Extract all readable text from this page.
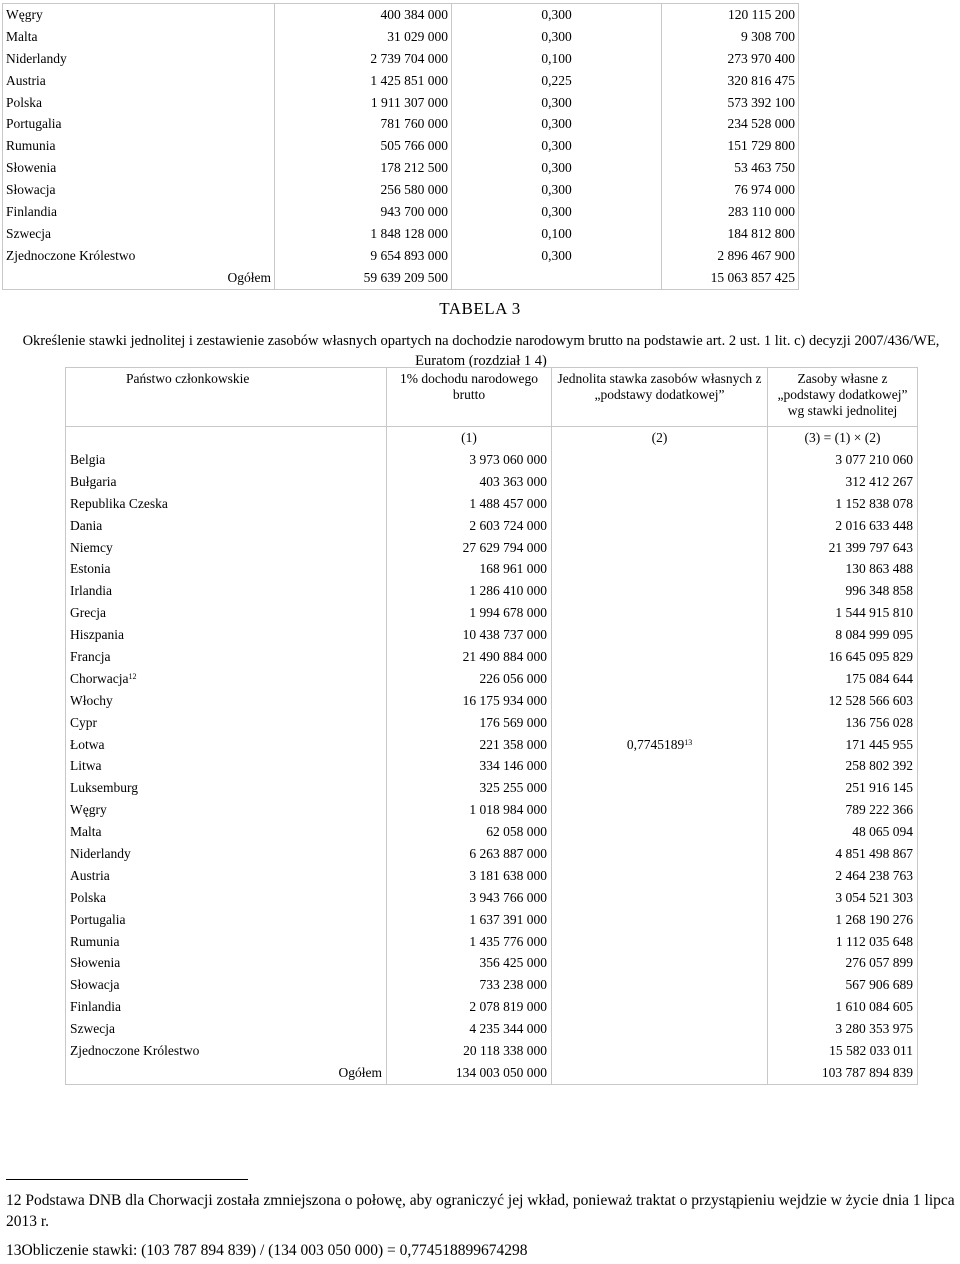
Węgry	400 384 000	0,300	120 115 200
Malta	31 029 000	0,300	9 308 700
Niderlandy	2 739 704 000	0,100	273 970 400
Austria	1 425 851 000	0,225	320 816 475
Polska	1 911 307 000	0,300	573 392 100
Portugalia	781 760 000	0,300	234 528 000
Rumunia	505 766 000	0,300	151 729 800
Słowenia	178 212 500	0,300	53 463 750
Słowacja	256 580 000	0,300	76 974 000
Finlandia	943 700 000	0,300	283 110 000
Szwecja	1 848 128 000	0,100	184 812 800
Zjednoczone Królestwo	9 654 893 000	0,300	2 896 467 900
Ogółem	59 639 209 500		15 063 857 425
TABELA 3
Określenie stawki jednolitej i zestawienie zasobów własnych opartych na dochodzie narodowym brutto na podstawie art. 2 ust. 1 lit. c) decyzji 2007/436/WE, Euratom (rozdział 1 4)
Państwo członkowskie	1% dochodu narodowego brutto	Jednolita stawka zasobów własnych z „podstawy dodatkowej”	Zasoby własne z „podstawy dodatkowej” wg stawki jednolitej
	(1)	(2)	(3) = (1) × (2)
Belgia	3 973 060 000		3 077 210 060
Bułgaria	403 363 000		312 412 267
Republika Czeska	1 488 457 000		1 152 838 078
Dania	2 603 724 000		2 016 633 448
Niemcy	27 629 794 000		21 399 797 643
Estonia	168 961 000		130 863 488
Irlandia	1 286 410 000		996 348 858
Grecja	1 994 678 000		1 544 915 810
Hiszpania	10 438 737 000		8 084 999 095
Francja	21 490 884 000		16 645 095 829
Chorwacja$^{12}$	226 056 000		175 084 644
Włochy	16 175 934 000		12 528 566 603
Cypr	176 569 000		136 756 028
Łotwa	221 358 000	0,7745189$^{13}$	171 445 955
Litwa	334 146 000		258 802 392
Luksemburg	325 255 000		251 916 145
Węgry	1 018 984 000		789 222 366
Malta	62 058 000		48 065 094
Niderlandy	6 263 887 000		4 851 498 867
Austria	3 181 638 000		2 464 238 763
Polska	3 943 766 000		3 054 521 303
Portugalia	1 637 391 000		1 268 190 276
Rumunia	1 435 776 000		1 112 035 648
Słowenia	356 425 000		276 057 899
Słowacja	733 238 000		567 906 689
Finlandia	2 078 819 000		1 610 084 605
Szwecja	4 235 344 000		3 280 353 975
Zjednoczone Królestwo	20 118 338 000		15 582 033 011
Ogółem	134 003 050 000		103 787 894 839
12 Podstawa DNB dla Chorwacji została zmniejszona o połowę, aby ograniczyć jej wkład, ponieważ traktat o przystąpieniu wejdzie w życie dnia 1 lipca 2013 r.
13Obliczenie stawki: (103 787 894 839) / (134 003 050 000) = 0,774518899674298
